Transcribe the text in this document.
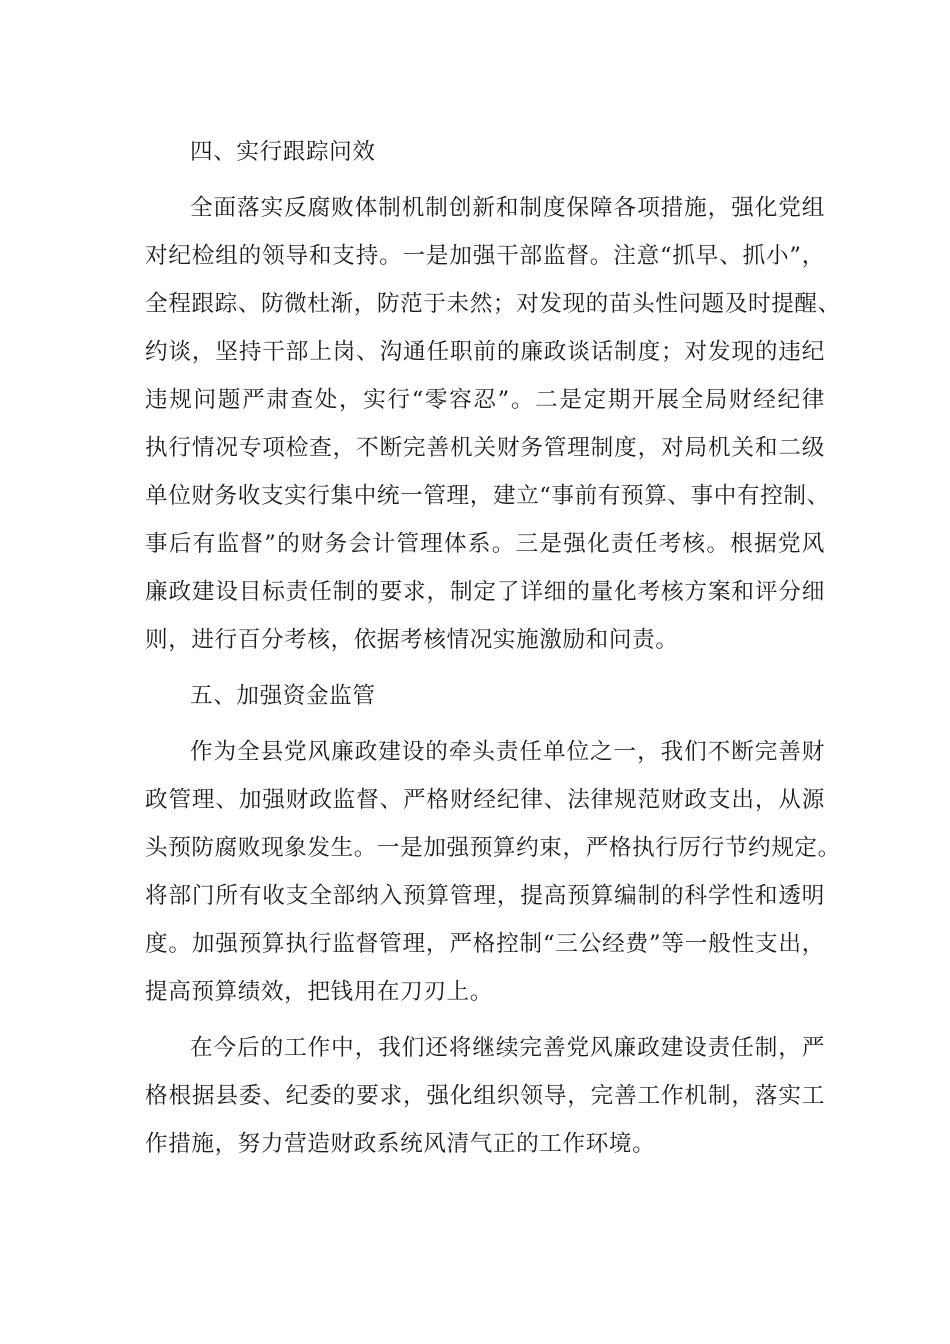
四、实行跟踪问效

全面落实反腐败体制机制创新和制度保障各项措施，强化党组
对纪检组的领导和支持。一是加强干部监督。注意“抓早、抓小”，
全程跟踪、防微杜渐，防范于未然；对发现的苗头性问题及时提醒、
约谈，坚持干部上岗、沟通任职前的廉政谈话制度；对发现的违纪
违规问题严肃查处，实行“零容忍”。二是定期开展全局财经纪律
执行情况专项检查，不断完善机关财务管理制度，对局机关和二级
单位财务收支实行集中统一管理，建立“事前有预算、事中有控制、
事后有监督”的财务会计管理体系。三是强化责任考核。根据党风
廉政建设目标责任制的要求，制定了详细的量化考核方案和评分细
则，进行百分考核，依据考核情况实施激励和问责。

五、加强资金监管

作为全县党风廉政建设的牵头责任单位之一，我们不断完善财
政管理、加强财政监督、严格财经纪律、法律规范财政支出，从源
头预防腐败现象发生。一是加强预算约束，严格执行厉行节约规定。
将部门所有收支全部纳入预算管理，提高预算编制的科学性和透明
度。加强预算执行监督管理，严格控制“三公经费”等一般性支出，
提高预算绩效，把钱用在刀刃上。
在今后的工作中，我们还将继续完善党风廉政建设责任制，严
格根据县委、纪委的要求，强化组织领导，完善工作机制，落实工
作措施，努力营造财政系统风清气正的工作环境。
